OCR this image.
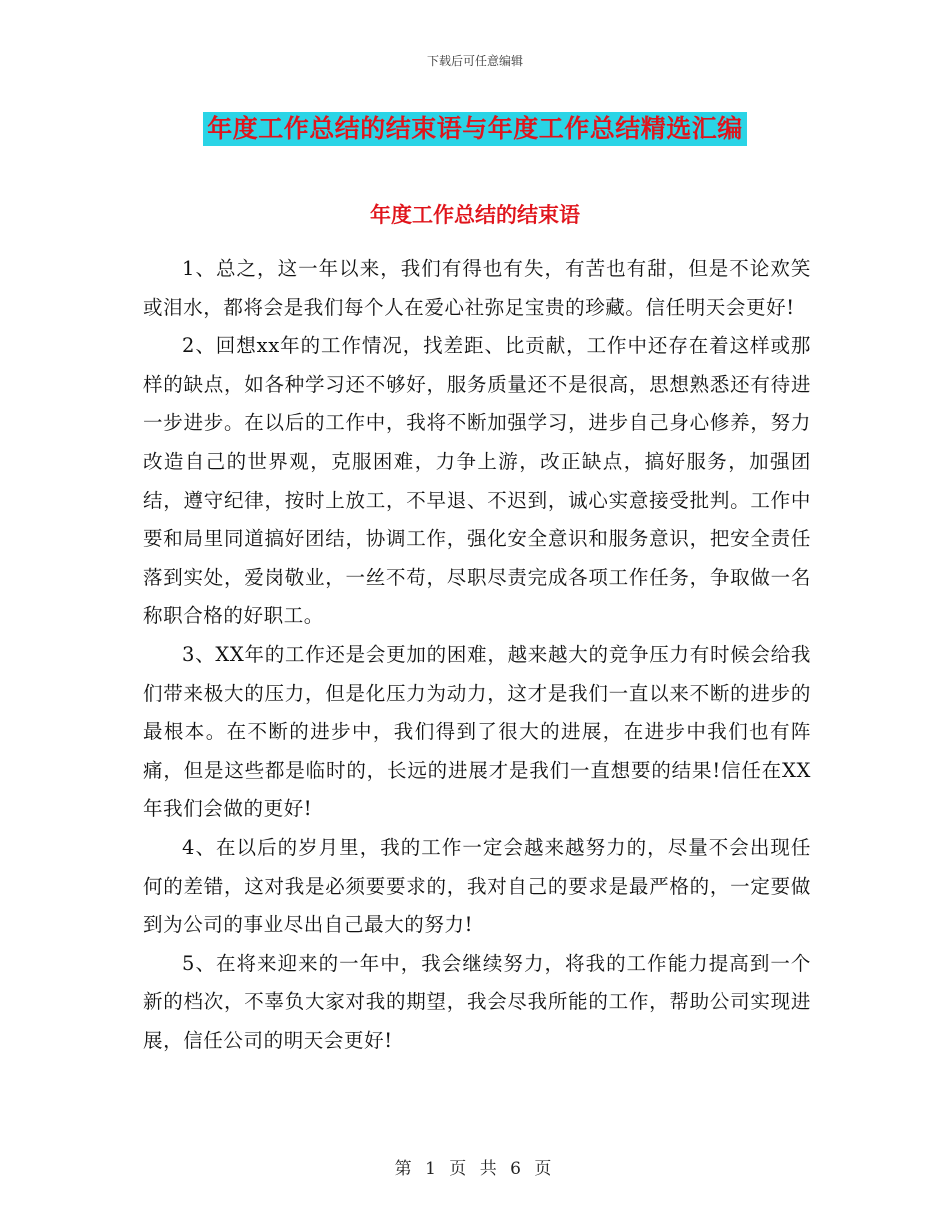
下载后可任意编辑
年度工作总结的结束语与年度工作总结精选汇编
年度工作总结的结束语

1、总之，这一年以来，我们有得也有失，有苦也有甜，但是不论欢笑或泪水，都将会是我们每个人在爱心社弥足宝贵的珍藏。信任明天会更好!

2、回想xx年的工作情况，找差距、比贡献，工作中还存在着这样或那样的缺点，如各种学习还不够好，服务质量还不是很高，思想熟悉还有待进一步进步。在以后的工作中，我将不断加强学习，进步自己身心修养，努力改造自己的世界观，克服困难，力争上游，改正缺点，搞好服务，加强团结，遵守纪律，按时上放工，不早退、不迟到，诚心实意接受批判。工作中要和局里同道搞好团结，协调工作，强化安全意识和服务意识，把安全责任落到实处，爱岗敬业，一丝不苟，尽职尽责完成各项工作任务，争取做一名称职合格的好职工。

3、XX年的工作还是会更加的困难，越来越大的竞争压力有时候会给我们带来极大的压力，但是化压力为动力，这才是我们一直以来不断的进步的最根本。在不断的进步中，我们得到了很大的进展，在进步中我们也有阵痛，但是这些都是临时的，长远的进展才是我们一直想要的结果!信任在XX年我们会做的更好!

4、在以后的岁月里，我的工作一定会越来越努力的，尽量不会出现任何的差错，这对我是必须要要求的，我对自己的要求是最严格的，一定要做到为公司的事业尽出自己最大的努力!

5、在将来迎来的一年中，我会继续努力，将我的工作能力提高到一个新的档次，不辜负大家对我的期望，我会尽我所能的工作，帮助公司实现进展，信任公司的明天会更好!

第 1 页 共 6 页
